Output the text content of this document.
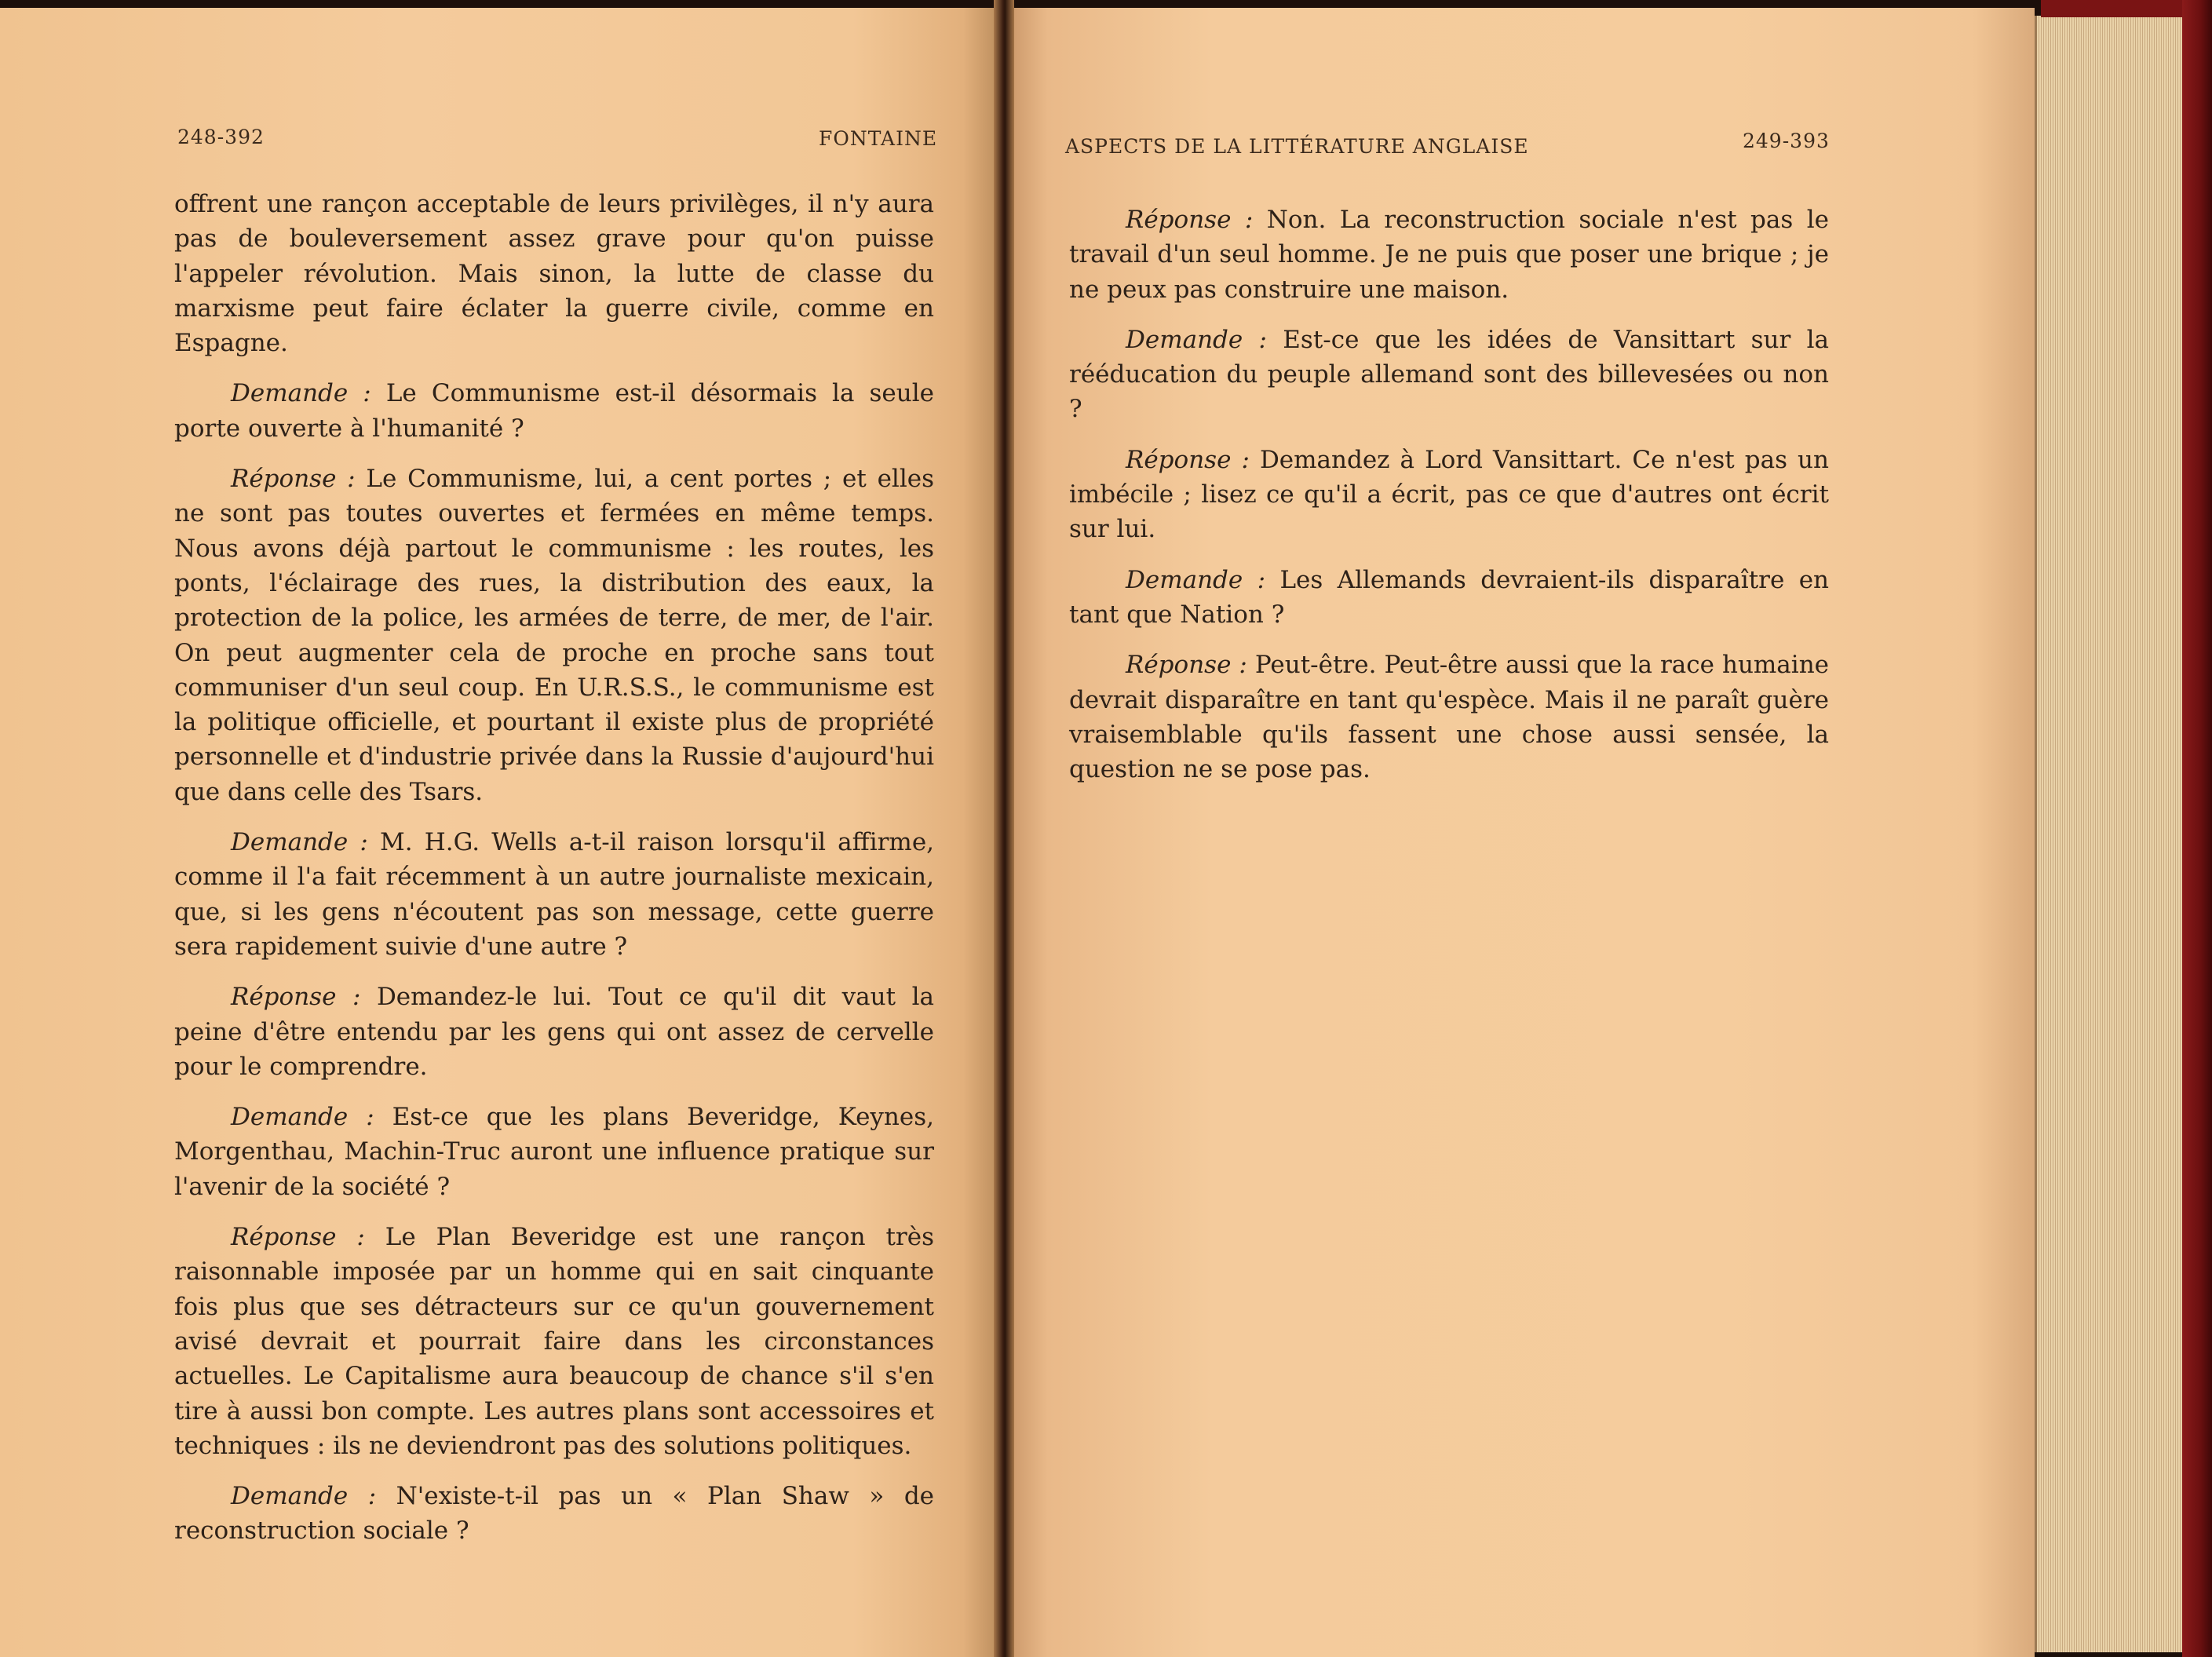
248-392	FONTAINE

offrent une rançon acceptable de leurs privilèges, il n'y aura pas de bouleversement assez grave pour qu'on puisse l'appeler révolution. Mais sinon, la lutte de classe du marxisme peut faire éclater la guerre civile, comme en Espagne.

Demande : Le Communisme est-il désormais la seule porte ouverte à l'humanité ?

Réponse : Le Communisme, lui, a cent portes ; et elles ne sont pas toutes ouvertes et fermées en même temps. Nous avons déjà partout le communisme : les routes, les ponts, l'éclairage des rues, la distribution des eaux, la protection de la police, les armées de terre, de mer, de l'air. On peut augmenter cela de proche en proche sans tout communiser d'un seul coup. En U.R.S.S., le communisme est la politique officielle, et pourtant il existe plus de propriété personnelle et d'industrie privée dans la Russie d'aujourd'hui que dans celle des Tsars.

Demande : M. H.G. Wells a-t-il raison lorsqu'il affirme, comme il l'a fait récemment à un autre journaliste mexicain, que, si les gens n'écoutent pas son message, cette guerre sera rapidement suivie d'une autre ?

Réponse : Demandez-le lui. Tout ce qu'il dit vaut la peine d'être entendu par les gens qui ont assez de cervelle pour le comprendre.

Demande : Est-ce que les plans Beveridge, Keynes, Morgenthau, Machin-Truc auront une influence pratique sur l'avenir de la société ?

Réponse : Le Plan Beveridge est une rançon très raisonnable imposée par un homme qui en sait cinquante fois plus que ses détracteurs sur ce qu'un gouvernement avisé devrait et pourrait faire dans les circonstances actuelles. Le Capitalisme aura beaucoup de chance s'il s'en tire à aussi bon compte. Les autres plans sont accessoires et techniques : ils ne deviendront pas des solutions politiques.

Demande : N'existe-t-il pas un « Plan Shaw » de reconstruction sociale ?

ASPECTS DE LA LITTÉRATURE ANGLAISE	249-393

Réponse : Non. La reconstruction sociale n'est pas le travail d'un seul homme. Je ne puis que poser une brique ; je ne peux pas construire une maison.

Demande : Est-ce que les idées de Vansittart sur la rééducation du peuple allemand sont des billevesées ou non ?

Réponse : Demandez à Lord Vansittart. Ce n'est pas un imbécile ; lisez ce qu'il a écrit, pas ce que d'autres ont écrit sur lui.

Demande : Les Allemands devraient-ils disparaître en tant que Nation ?

Réponse : Peut-être. Peut-être aussi que la race humaine devrait disparaître en tant qu'espèce. Mais il ne paraît guère vraisemblable qu'ils fassent une chose aussi sensée, la question ne se pose pas.
